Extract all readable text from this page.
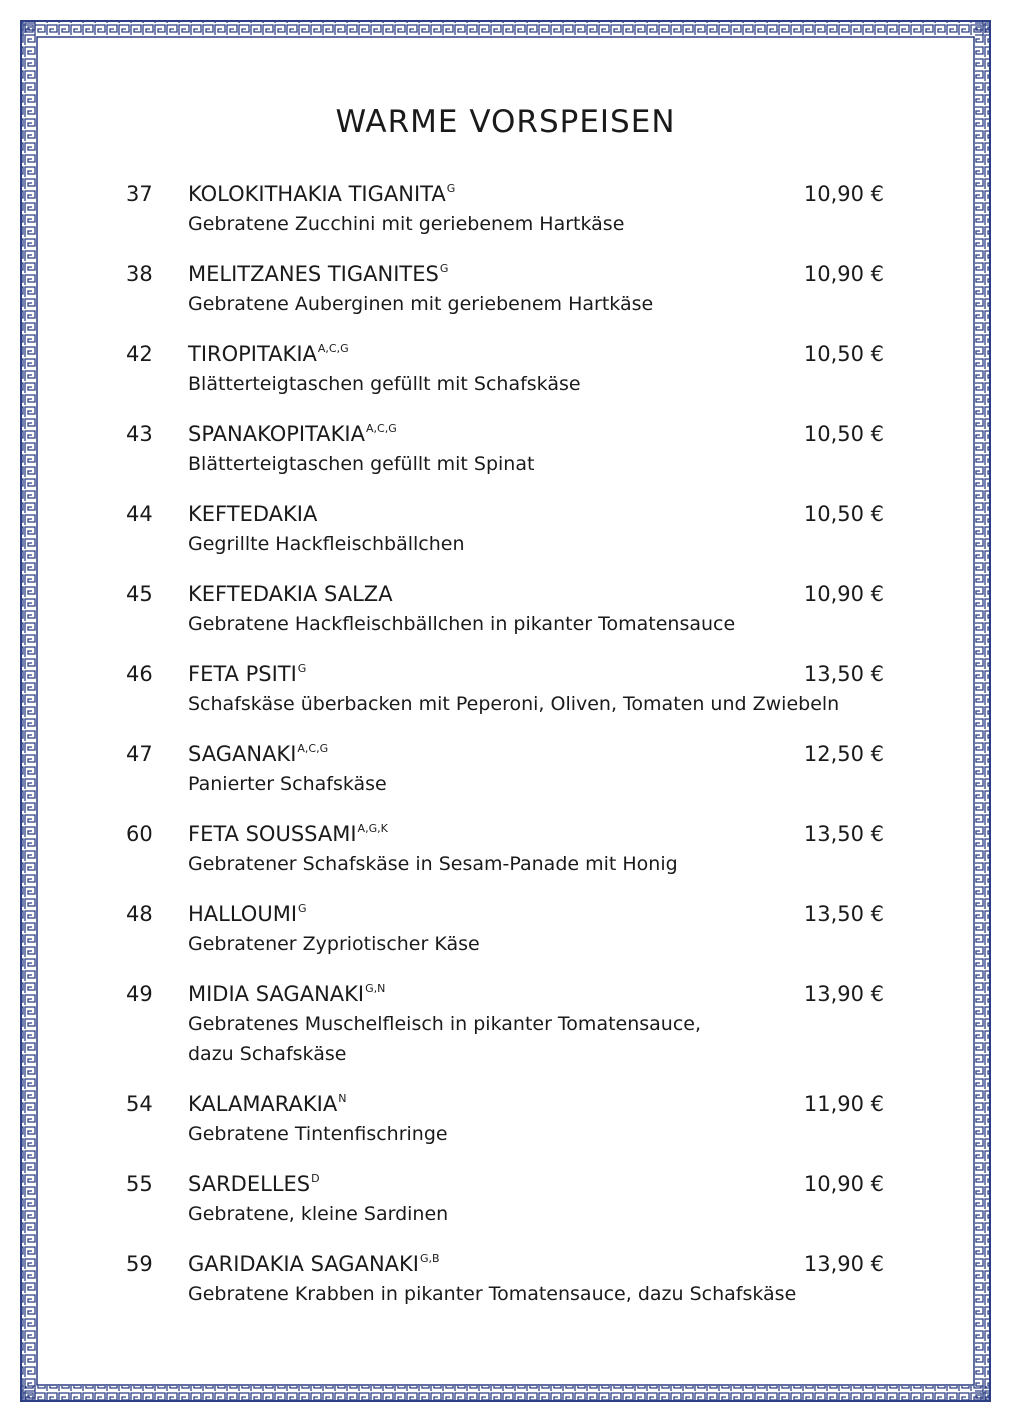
WARME VORSPEISEN
37 KOLOKITHAKIA $TIGANITA^G$	10,90 €
Gebratene Zucchini mit geriebenem Hartkäse
38 MELITZANES $TIGANITES^G$	10,90 €
Gebratene Auberginen mit geriebenem Hartkäse
42 $TIROPITAKIA^{A,C,G}$	10,50 €
Blätterteigtaschen gefüllt mit Schafskäse
43 $SPANAKOPITAKIA^{A,C,G}$	10,50 €
Blätterteigtaschen gefüllt mit Spinat
44 KEFTEDAKIA	10,50 €
Gegrillte Hackfleischbällchen
45 KEFTEDAKIA SALZA	10,90 €
Gebratene Hackfleischbällchen in pikanter Tomatensauce
46 FETA $PSITI^G$	13,50 €
Schafskäse überbacken mit Peperoni, Oliven, Tomaten und Zwiebeln
47 $SAGANAKI^{A,C,G}$	12,50 €
Panierter Schafskäse
60 FETA $SOUSSAMI^{A,G,K}$	13,50 €
Gebratener Schafskäse in Sesam-Panade mit Honig
48 $HALLOUMI^G$	13,50 €
Gebratener Zypriotischer Käse
49 MIDIA $SAGANAKI^{G,N}$	13,90 €
Gebratenes Muschelfleisch in pikanter Tomatensauce, dazu Schafskäse
54 $KALAMARAKIA^N$	11,90 €
Gebratene Tintenfischringe
55 $SARDELLES^D$	10,90 €
Gebratene, kleine Sardinen
59 GARIDAKIA $SAGANAKI^{G,B}$	13,90 €
Gebratene Krabben in pikanter Tomatensauce, dazu Schafskäse
